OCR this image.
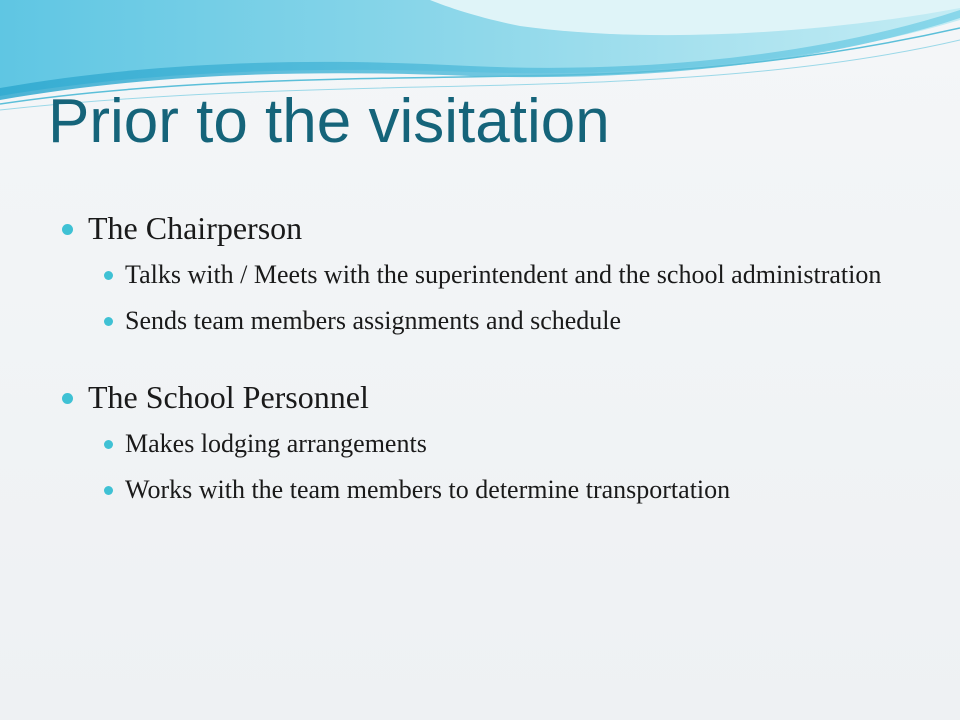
Prior to the visitation
The Chairperson
Talks with / Meets with the superintendent and the school administration
Sends team members assignments and schedule
The School Personnel
Makes lodging arrangements
Works with the team members to determine transportation
